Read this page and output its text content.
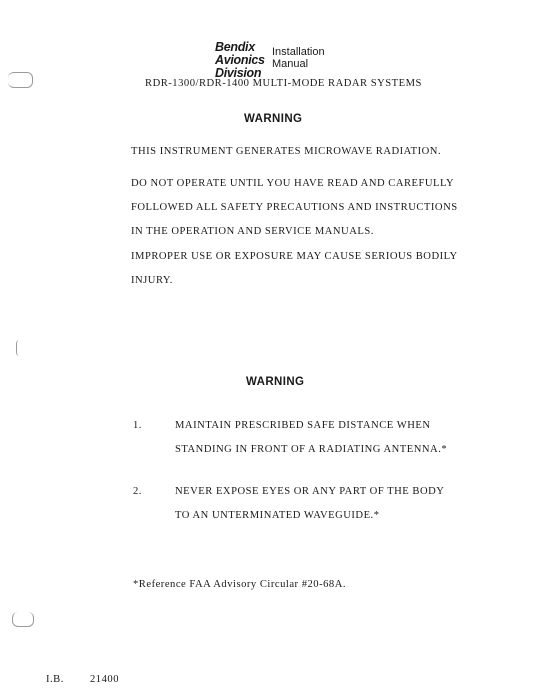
Bendix
Avionics
Division
Installation
Manual
RDR-1300/RDR-1400 MULTI-MODE RADAR SYSTEMS
WARNING
THIS INSTRUMENT GENERATES MICROWAVE RADIATION.
DO NOT OPERATE UNTIL YOU HAVE READ AND CAREFULLY
FOLLOWED ALL SAFETY PRECAUTIONS AND INSTRUCTIONS
IN THE OPERATION AND SERVICE MANUALS.
IMPROPER USE OR EXPOSURE MAY CAUSE SERIOUS BODILY
INJURY.
WARNING
1.	MAINTAIN PRESCRIBED SAFE DISTANCE WHEN
STANDING IN FRONT OF A RADIATING ANTENNA.*
2.	NEVER EXPOSE EYES OR ANY PART OF THE BODY
TO AN UNTERMINATED WAVEGUIDE.*
*Reference FAA Advisory Circular #20-68A.
I.B. 21400
